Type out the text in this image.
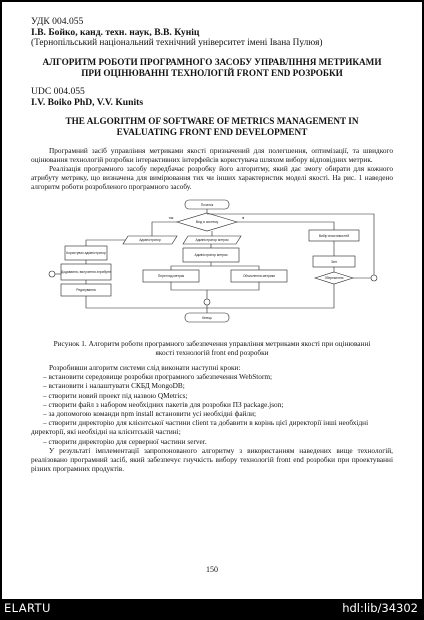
УДК 004.055
І.В. Бойко, канд. техн. наук, В.В. Куніц
(Тернопільський національний технічний університет імені Івана Пулюя)
АЛГОРИТМ РОБОТИ ПРОГРАМНОГО ЗАСОБУ УПРАВЛІННЯ МЕТРИКАМИ ПРИ ОЦІНЮВАННІ ТЕХНОЛОГІЙ FRONT END РОЗРОБКИ
UDC 004.055
I.V. Boiko PhD, V.V. Kunits
THE ALGORITHM OF SOFTWARE OF METRICS MANAGEMENT IN EVALUATING FRONT END DEVELOPMENT

Програмний засіб управління метриками якості призначений для полегшення, оптимізації, та швидкого оцінювання технологій розробки інтерактивних інтерфейсів користувача шляхом вибору відповідних метрик.

Реалізація програмного засобу передбачає розробку його алгоритму, який дає змогу обирати для кожного атрибуту метрику, що визначена для вимірювання тих чи інших характеристик моделі якості. На рис. 1 наведено алгоритм роботи розробленого програмного засобу.

Початок
Вхід в систему
Адміністратор	Адміністратор метрик
Вибір властивостей
Користувач адміністратор
Додавання, вилучення атрибутів
Редагування
Адміністратор метрик
Перегляд метрик	Обчислення метрики
Звіт
Збереження
Кінець
так	ні
Рисунок 1. Алгоритм роботи програмного забезпечення управління метриками якості при оцінюванні якості технологій front end розробки

Розробивши алгоритм системи слід виконати наступні кроки:

– встановити середовище розробки програмного забезпечення WebStorm;
– встановити і налаштувати СКБД MongoDB;
– створити новий проект під назвою QMetrics;
– створити файл з набором необхідних пакетів для розробки ПЗ package.json;
– за допомогою команди npm install встановити усі необхідні файли;
– створити директорію для клієнтської частини client та добавити в корінь цієї директорії інші необхідні директорії, які необхідні на клієнтській частині;
– створити директорію для серверної частини server.

У результаті імплементації запропонованого алгоритму з використанням наведених вище технологій, реалізовано програмний засіб, який забезпечує гнучкість вибору технологій front end розробки при проектуванні різних програмних продуктів.

150
ELARTU	hdl:lib/34302
